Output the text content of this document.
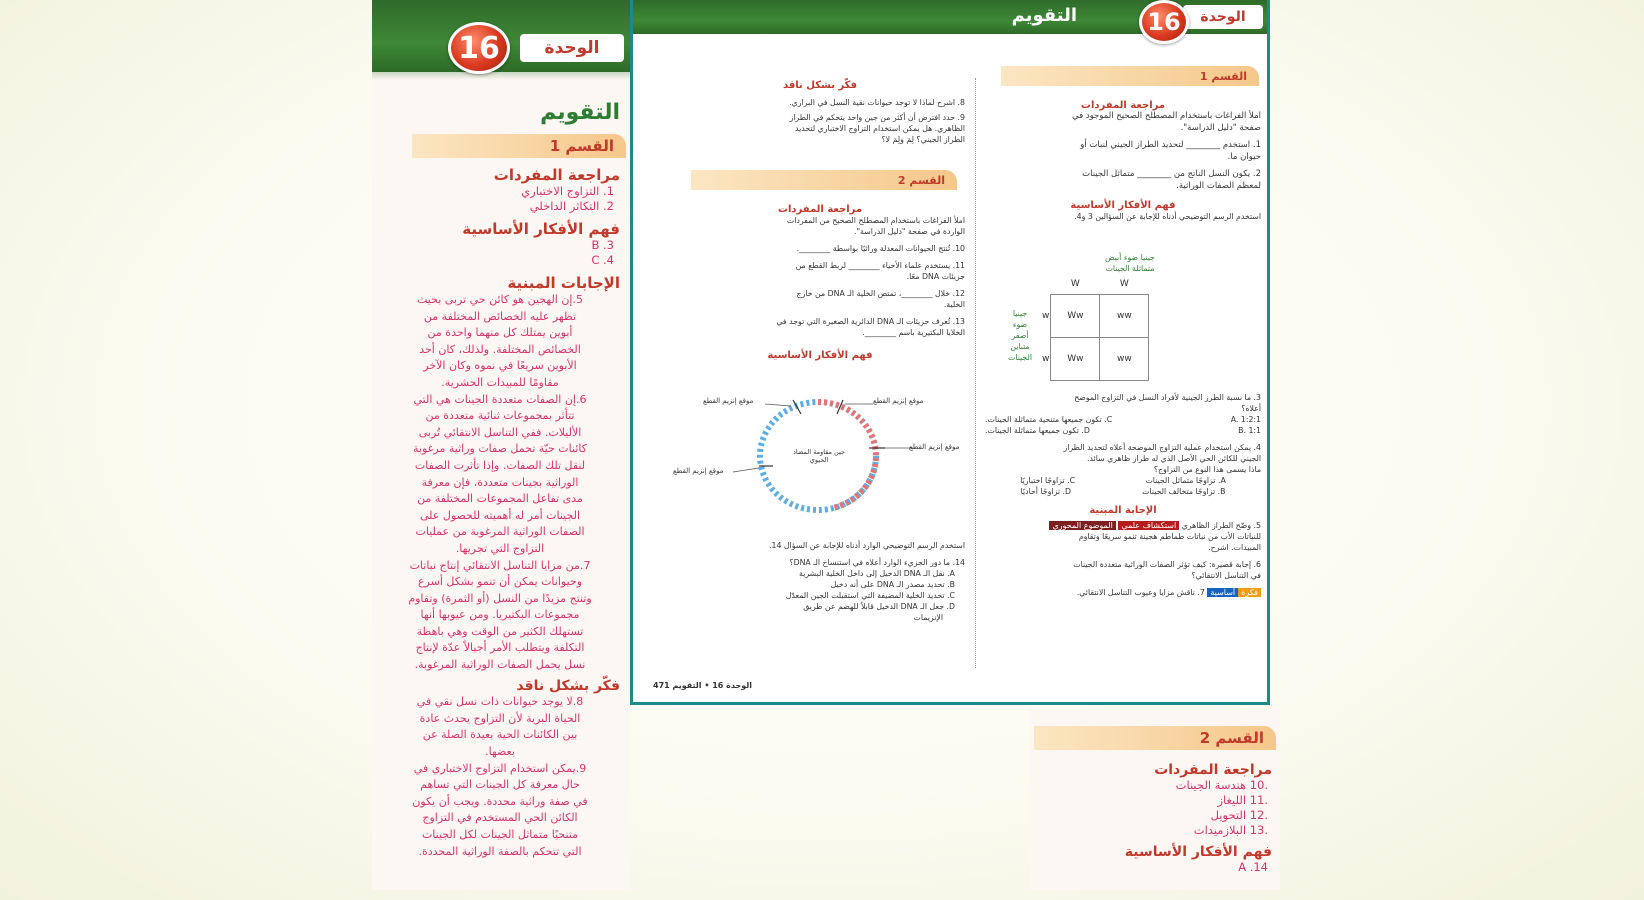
الوحدة
16
التقويم
القسم 1
مراجعة المفردات
1. التزاوج الاختباري
2. التكاثر الداخلي
فهم الأفكار الأساسية
B .3
C .4
الإجابات المبنية
5.إن الهجين هو كائن حي تربى بحيث
تظهر عليه الخصائص المختلفة من
أبوين يمتلك كل منهما واحدة من
الخصائص المختلفة. ولذلك، كان أحد
الأبوين سريعًا في نموه وكان الآخر
مقاومًا للمبيدات الحشرية.
6.إن الصفات متعددة الجينات هي التي
تتأثر بمجموعات ثنائية متعددة من
الأليلات. ففي التناسل الانتقائي تُربى
كائنات حيّة تحمل صفات وراثية مرغوبة
لنقل تلك الصفات. وإذا تأثرت الصفات
الوراثية بجينات متعددة، فإن معرفة
مدى تفاعل المجموعات المختلفة من
الجينات أمر له أهميته للحصول على
الصفات الوراثية المرغوبة من عمليات
التزاوج التي تجريها.
7.من مزايا التناسل الانتقائي إنتاج نباتات
وحيوانات يمكن أن تنمو بشكل أسرع
وتنتج مزيدًا من النسل (أو الثمرة) وتقاوم
مجموعات البكتيريا. ومن عيوبها أنها
تستهلك الكثير من الوقت وهي باهظة
التكلفة ويتطلب الأمر أجيالاً عدّة لإنتاج
نسل يحمل الصفات الوراثية المرغوبة.
فكّر بشكل ناقد
8.لا يوجد حيوانات ذات نسل نقي في
الحياة البرية لأن التزاوج يحدث عادة
بين الكائنات الحية بعيدة الصلة عن
بعضها.
9.يمكن استخدام التزاوج الاختباري في
حال معرفة كل الجينات التي تساهم
في صفة وراثية محددة. ويجب أن يكون
الكائن الحي المستخدم في التزاوج
متنحيًا متماثل الجينات لكل الجينات
التي تتحكم بالصفة الوراثية المحددة.
الوحدة
16
التقويم
القسم 1
مراجعة المفردات
املأ الفراغات باستخدام المصطلح الصحيح الموجود في
صفحة "دليل الدراسة".
1. استخدم ________ لتحديد الطراز الجيني لنبات أو
حيوان ما.
2. يكون النسل الناتج من ________ متماثل الجينات
لمعظم الصفات الوراثية.
فهم الأفكار الأساسية
استخدم الرسم التوضيحي أدناه للإجابة عن السؤالين 3 و4.
جينيا ضوء أبيض
متماثلة الجينات
جينيا ضوء أصفر
متباين الجينات
	W	W
w	Ww	ww
w	Ww	ww
3. ما نسبة الطرز الجينية لأفراد النسل في التزاوج الموضح
أعلاه؟
A. 1:2:1
C. تكون جميعها متنحية متماثلة الجينات.
B. 1:1
D. تكون جميعها متماثلة الجينات.
4. يمكن استخدام عملية التزاوج الموضحة أعلاه لتحديد الطراز
الجيني للكائن الحي الأصل الذي له طراز ظاهري سائد.
ماذا يسمى هذا النوع من التزاوج؟
A. تزاوجًا متماثل الجينات
C. تزاوجًا اختباريًا
B. تزاوجًا متخالف الجينات
D. تزاوجًا أحاديًا
الإجابة المبنية
5. وضّح الطراز الظاهري استكشاف علمي الموضوع المحوري
للنباتات الأب من نباتات طماطم هجينة تنمو سريعًا وتقاوم
المبيدات. اشرح.
6. إجابة قصيرة: كيف تؤثر الصفات الوراثية متعددة الجينات
في التناسل الانتقائي؟
فكرةأساسية 7. ناقش مزايا وعيوب التناسل الانتقائي.
فكّر بشكل ناقد
8. اشرح لماذا لا توجد حيوانات نقية النسل في البراري.
9. حدد افترض أن أكثر من جين واحد يتحكم في الطراز
الظاهري. هل يمكن استخدام التزاوج الاختباري لتحديد
الطراز الجيني؟ لِمَ ولِمَ لا؟
القسم 2
مراجعة المفردات
املأ الفراغات باستخدام المصطلح الصحيح من المفردات
الواردة في صفحة "دليل الدراسة".
10. تُنتج الحيوانات المعدلة وراثيًا بواسطة ________.
11. يستخدم علماء الأحياء ________ لربط القطع من
جزيئات DNA معًا.
12. خلال ________، تمتص الخلية الـ DNA من خارج
الخلية.
13. تُعرف جزيئات الـ DNA الدائرية الصغيرة التي توجد في
الخلايا البكتيرية باسم ________.
فهم الأفكار الأساسية
موقع إنزيم القطع
موقع إنزيم القطع
موقع إنزيم القطع
موقع إنزيم القطع
جين مقاومة المضاد الحيوي
استخدم الرسم التوضيحي الوارد أدناه للإجابة عن السؤال 14.
14. ما دور الجزيء الوارد أعلاه في استنساخ الـ DNA؟
A. نقل الـ DNA الدخيل إلى داخل الخلية البشرية
B. تحديد مصدر الـ DNA على أنه دخيل
C. تحديد الخلية المضيفة التي استقبلت الجين المعدّل
D. جعل الـ DNA الدخيل قابلاً للهضم عن طريق
الإنزيمات
الوحدة 16 • التقويم 471
القسم 2
مراجعة المفردات
.10 هندسة الجينات
.11 الليغاز
.12 التحويل
.13 البلازميدات
فهم الأفكار الأساسية
A .14
